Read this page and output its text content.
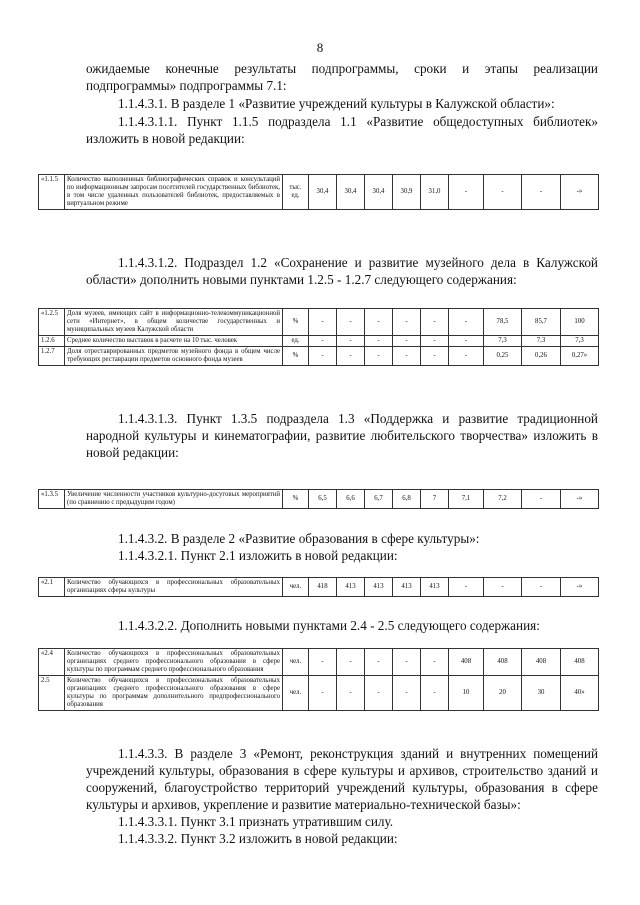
8

ожидаемые конечные результаты подпрограммы, сроки и этапы реализации подпрограммы» подпрограммы 7.1:

1.1.4.3.1. В разделе 1 «Развитие учреждений культуры в Калужской области»:

1.1.4.3.1.1. Пункт 1.1.5 подраздела 1.1 «Развитие общедоступных библиотек» изложить в новой редакции:

«1.1.5	Количество выполненных библиографических справок и консультаций по информационным запросам посетителей государственных библиотек, в том числе удаленных пользователей библиотек, предоставляемых в виртуальном режиме	тыс. ед.	30,4	30,4	30,4	30,9	31,0	-	-	-	-»

1.1.4.3.1.2. Подраздел 1.2 «Сохранение и развитие музейного дела в Калужской области» дополнить новыми пунктами 1.2.5 - 1.2.7 следующего содержания:

«1.2.5	Доля музеев, имеющих сайт в информационно-телекоммуникационной сети «Интернет», в общем количестве государственных и муниципальных музеев Калужской области	%	-	-	-	-	-	-	78,5	85,7	100
1.2.6	Среднее количество выставок в расчете на 10 тыс. человек	ед.	-	-	-	-	-	-	7,3	7,3	7,3
1.2.7	Доля отреставрированных предметов музейного фонда в общем числе требующих реставрации предметов основного фонда музеев	%	-	-	-	-	-	-	0,25	0,26	0,27»

1.1.4.3.1.3. Пункт 1.3.5 подраздела 1.3 «Поддержка и развитие традиционной народной культуры и кинематографии, развитие любительского творчества» изложить в новой редакции:

«1.3.5	Увеличение численности участников культурно-досуговых мероприятий (по сравнению с предыдущим годом)	%	6,5	6,6	6,7	6,8	7	7,1	7,2	-	-»

1.1.4.3.2. В разделе 2 «Развитие образования в сфере культуры»:

1.1.4.3.2.1. Пункт 2.1 изложить в новой редакции:

«2.1	Количество обучающихся в профессиональных образовательных организациях сферы культуры	чел.	418	413	413	413	413	-	-	-	-»

1.1.4.3.2.2. Дополнить новыми пунктами 2.4 - 2.5 следующего содержания:

«2.4	Количество обучающихся в профессиональных образовательных организациях среднего профессионального образования в сфере культуры по программам среднего профессионального образования	чел.	-	-	-	-	-	408	408	408	408
2.5	Количество обучающихся в профессиональных образовательных организациях среднего профессионального образования в сфере культуры по программам дополнительного предпрофессионального образования	чел.	-	-	-	-	-	10	20	30	40»

1.1.4.3.3. В разделе 3 «Ремонт, реконструкция зданий и внутренних помещений учреждений культуры, образования в сфере культуры и архивов, строительство зданий и сооружений, благоустройство территорий учреждений культуры, образования в сфере культуры и архивов, укрепление и развитие материально-технической базы»:

1.1.4.3.3.1. Пункт 3.1 признать утратившим силу.

1.1.4.3.3.2. Пункт 3.2 изложить в новой редакции:
